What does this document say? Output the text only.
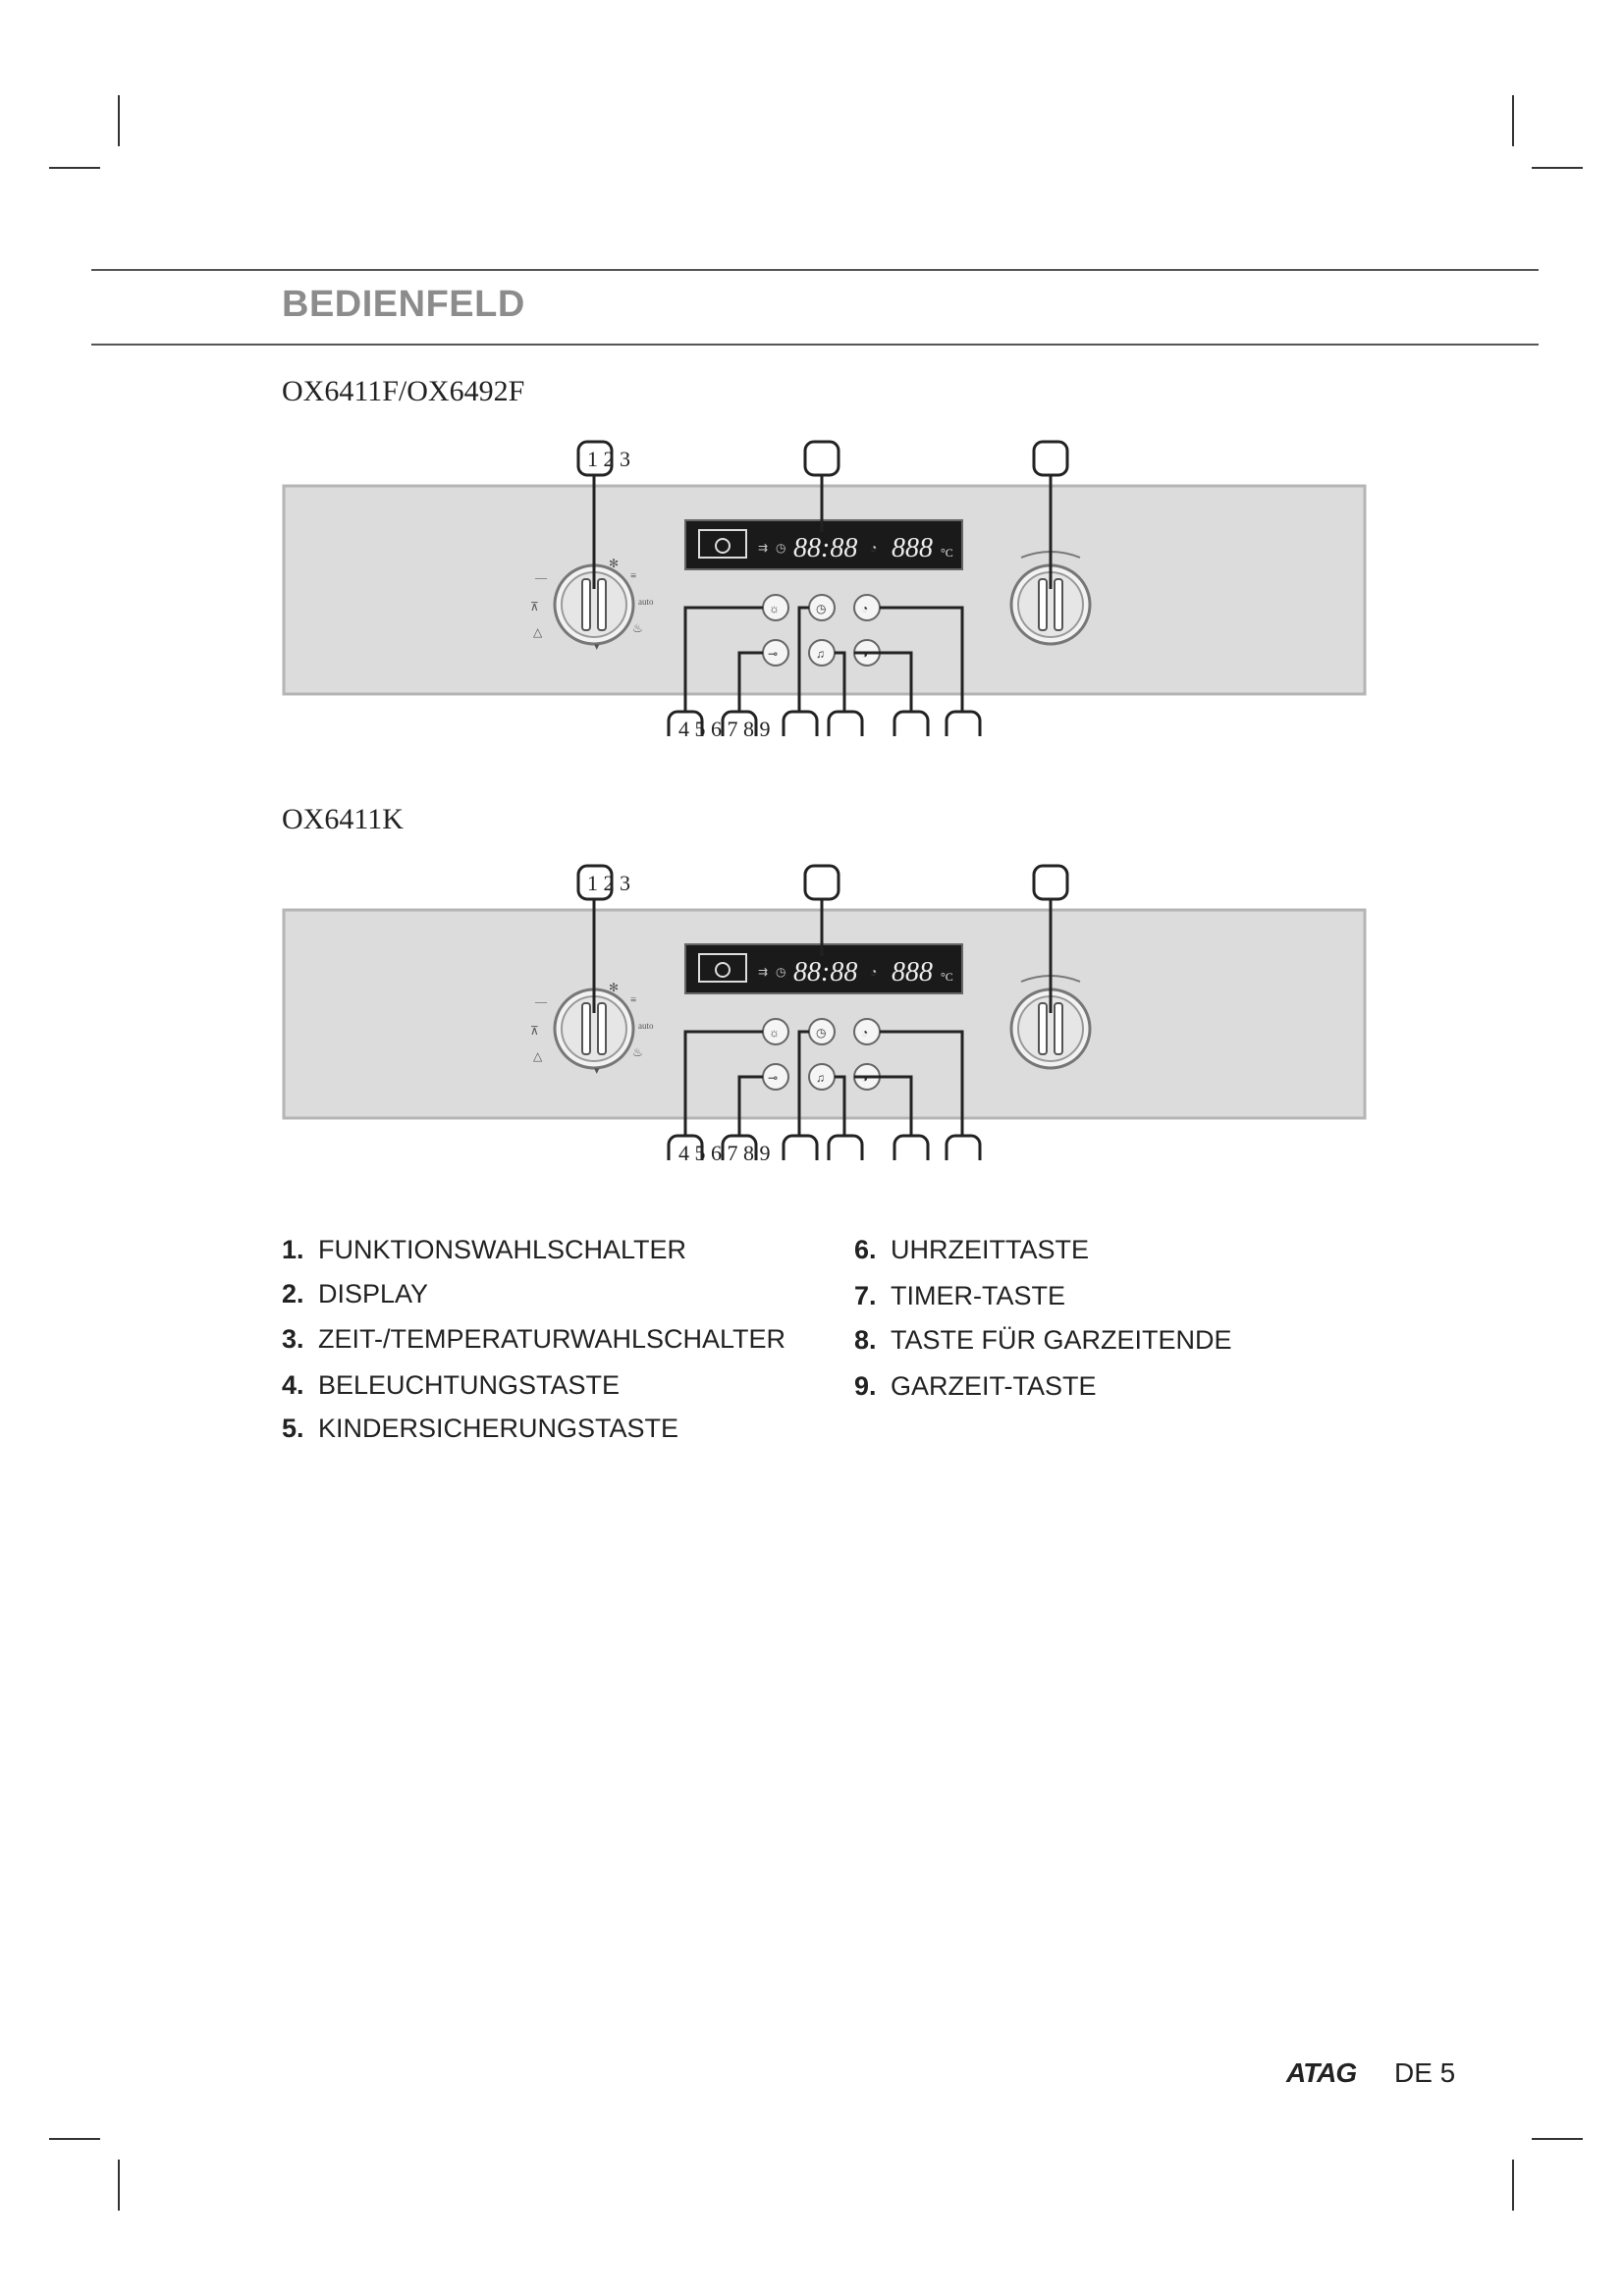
BEDIENFELD
OX6411F/OX6492F
—
⊼
△
✻
≡
auto
♨
▾
⇉ ◷ 88:88 ◔ 888 °C
☼	◷	◔
⊸	♫	◑
1 2 3
4 5 6 7 8 9
OX6411K
—
⊼
△
✻
≡
auto
♨
▾
⇉ ◷ 88:88 ◔ 888 °C
☼	◷	◔
⊸	♫	◑
1 2 3
4 5 6 7 8 9
1. FUNKTIONSWAHLSCHALTER
2. DISPLAY
3. ZEIT-/TEMPERATURWAHLSCHALTER
4. BELEUCHTUNGSTASTE
5. KINDERSICHERUNGSTASTE
6. UHRZEITTASTE
7. TIMER-TASTE
8. TASTE FÜR GARZEITENDE
9. GARZEIT-TASTE
ATAG DE 5
